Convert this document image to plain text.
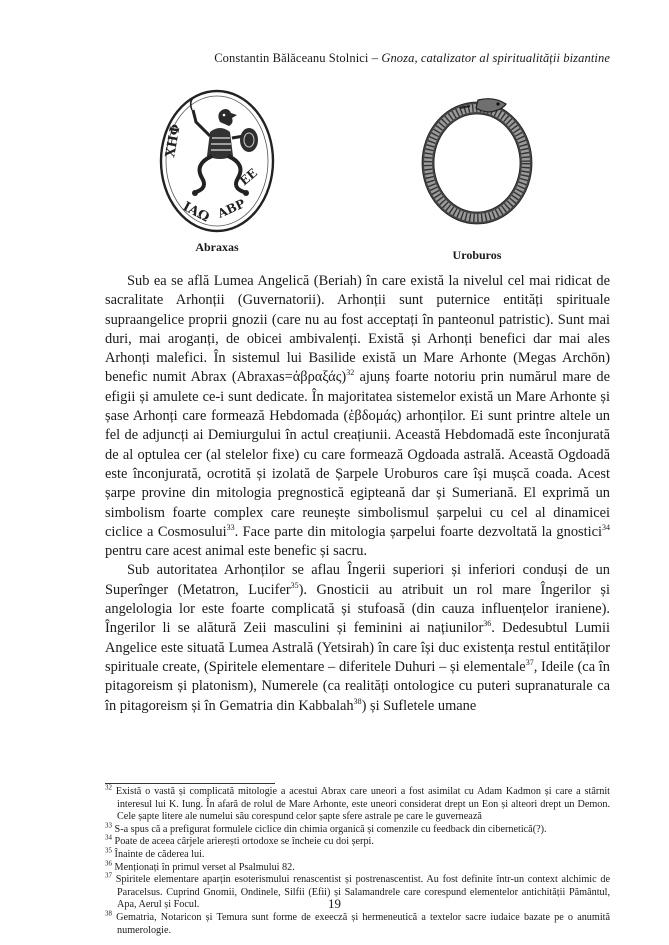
Constantin Bălăceanu Stolnici – Gnoza, catalizator al spiritualității bizantine
ΧΗΦ
ΙΑΩ ΑΒΡ
ΕΕ
Abraxas
Uroburos

Sub ea se află Lumea Angelică (Beriah) în care există la nivelul cel mai ridicat de sacralitate Arhonții (Guvernatorii). Arhonții sunt puternice entități spirituale supraangelice proprii gnozii (care nu au fost acceptați în panteonul patristic). Sunt mai duri, mai aroganți, de obicei ambivalenți. Există și Arhonți benefici dar mai ales Arhonți malefici. În sistemul lui Basilide există un Mare Arhonte (Megas Archōn) benefic numit Abrax (Abraxas=ἀβραξάς)$^{32}$ ajunș foarte notoriu prin numărul mare de efigii și amulete ce-i sunt dedicate. În majoritatea sistemelor există un Mare Arhonte și șase Arhonți care formează Hebdomada (ἑβδομάς) arhonților. Ei sunt printre altele un fel de adjuncți ai Demiurgului în actul creațiunii. Această Hebdomadă este înconjurată de al optulea cer (al stelelor fixe) cu care formează Ogdoada astrală. Această Ogdoadă este înconjurată, ocrotită și izolată de Șarpele Uroburos care își mușcă coada. Acest șarpe provine din mitologia pregnostică egipteană dar și Sumeriană. El exprimă un simbolism foarte complex care reunește simbolismul șarpelui cu cel al dinamicei ciclice a Cosmosului$^{33}$. Face parte din mitologia șarpelui foarte dezvoltată la gnostici$^{34}$ pentru care acest animal este benefic și sacru.

Sub autoritatea Arhonților se aflau Îngerii superiori și inferiori conduși de un Superînger (Metatron, Lucifer$^{35}$). Gnosticii au atribuit un rol mare Îngerilor și angelologia lor este foarte complicată și stufoasă (din cauza influențelor iraniene). Îngerilor li se alătură Zeii masculini și feminini ai națiunilor$^{36}$. Dedesubtul Lumii Angelice este situată Lumea Astrală (Yetsirah) în care își duc existența restul entităților spirituale create, (Spiritele elementare – diferitele Duhuri – și elementale$^{37}$, Ideile (ca în pitagoreism și platonism), Numerele (ca realități ontologice cu puteri supranaturale ca în pitagoreism și în Gematria din Kabbalah$^{38}$) și Sufletele umane

$^{32}$ Există o vastă și complicată mitologie a acestui Abrax care uneori a fost asimilat cu Adam Kadmon și care a stârnit interesul lui K. Iung. În afară de rolul de Mare Arhonte, este uneori considerat drept un Eon și alteori drept un Demon. Cele șapte litere ale numelui său corespund celor șapte sfere astrale pe care le guvernează

$^{33}$ S-a spus că a prefigurat formulele ciclice din chimia organică și comenzile cu feedback din cibernetică(?).

$^{34}$ Poate de aceea cârjele arierești ortodoxe se încheie cu doi șerpi.

$^{35}$ Înainte de căderea lui.

$^{36}$ Menționați în primul verset al Psalmului 82.

$^{37}$ Spiritele elementare aparțin esoterismului renascentist și postrenascentist. Au fost definite într-un context alchimic de Paracelsus. Cuprind Gnomii, Ondinele, Silfii (Efii) și Salamandrele care corespund elementelor antichității Pământul, Apa, Aerul și Focul.

$^{38}$ Gematria, Notaricon și Temura sunt forme de exeecză și hermeneutică a textelor sacre iudaice bazate pe o anumită numerologie.

19
